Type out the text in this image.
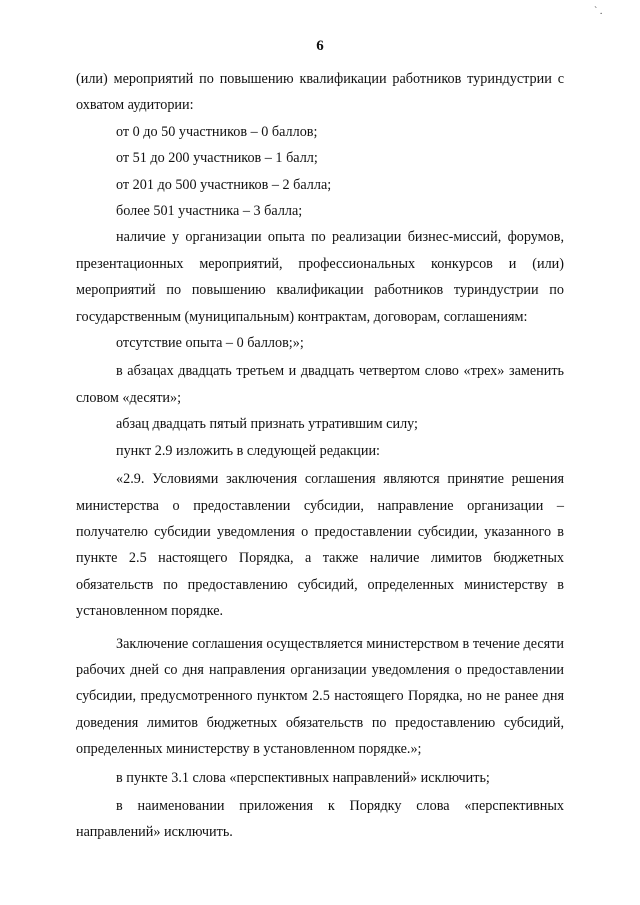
` .
6

(или) мероприятий по повышению квалификации работников туриндустрии с охватом аудитории:

от 0 до 50 участников – 0 баллов;

от 51 до 200 участников – 1 балл;

от 201 до 500 участников – 2 балла;

более 501 участника – 3 балла;

наличие у организации опыта по реализации бизнес-миссий, форумов, презентационных мероприятий, профессиональных конкурсов и (или) мероприятий по повышению квалификации работников туриндустрии по государственным (муниципальным) контрактам, договорам, соглашениям:

отсутствие опыта – 0 баллов;»;

в абзацах двадцать третьем и двадцать четвертом слово «трех» заменить словом «десяти»;

абзац двадцать пятый признать утратившим силу;

пункт 2.9 изложить в следующей редакции:

«2.9. Условиями заключения соглашения являются принятие решения министерства о предоставлении субсидии, направление организации – получателю субсидии уведомления о предоставлении субсидии, указанного в пункте 2.5 настоящего Порядка, а также наличие лимитов бюджетных обязательств по предоставлению субсидий, определенных министерству в установленном порядке.

Заключение соглашения осуществляется министерством в течение десяти рабочих дней со дня направления организации уведомления о предоставлении субсидии, предусмотренного пунктом 2.5 настоящего Порядка, но не ранее дня доведения лимитов бюджетных обязательств по предоставлению субсидий, определенных министерству в установленном порядке.»;

в пункте 3.1 слова «перспективных направлений» исключить;

в наименовании приложения к Порядку слова «перспективных направлений» исключить.
